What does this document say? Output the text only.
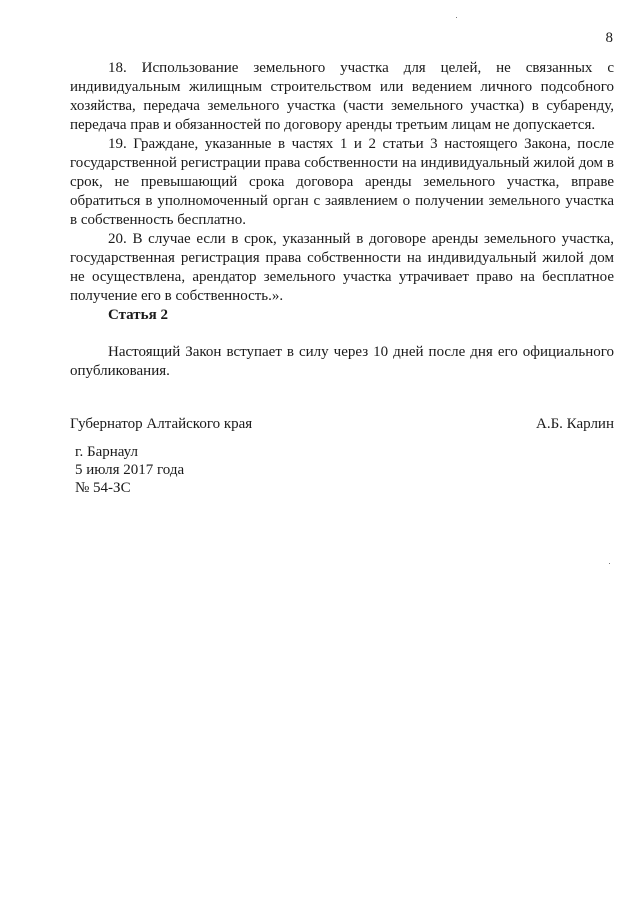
8

18. Использование земельного участка для целей, не связанных с индивидуальным жилищным строительством или ведением личного подсобного хозяйства, передача земельного участка (части земельного участка) в субаренду, передача прав и обязанностей по договору аренды третьим лицам не допускается.

19. Граждане, указанные в частях 1 и 2 статьи 3 настоящего Закона, после государственной регистрации права собственности на индивидуальный жилой дом в срок, не превышающий срока договора аренды земельного участка, вправе обратиться в уполномоченный орган с заявлением о получении земельного участка в собственность бесплатно.

20. В случае если в срок, указанный в договоре аренды земельного участка, государственная регистрация права собственности на индивидуальный жилой дом не осуществлена, арендатор земельного участка утрачивает право на бесплатное получение его в собственность.».

Статья 2

Настоящий Закон вступает в силу через 10 дней после дня его официального опубликования.

Губернатор Алтайского края	А.Б. Карлин
г. Барнаул
5 июля 2017 года
№ 54-ЗС
